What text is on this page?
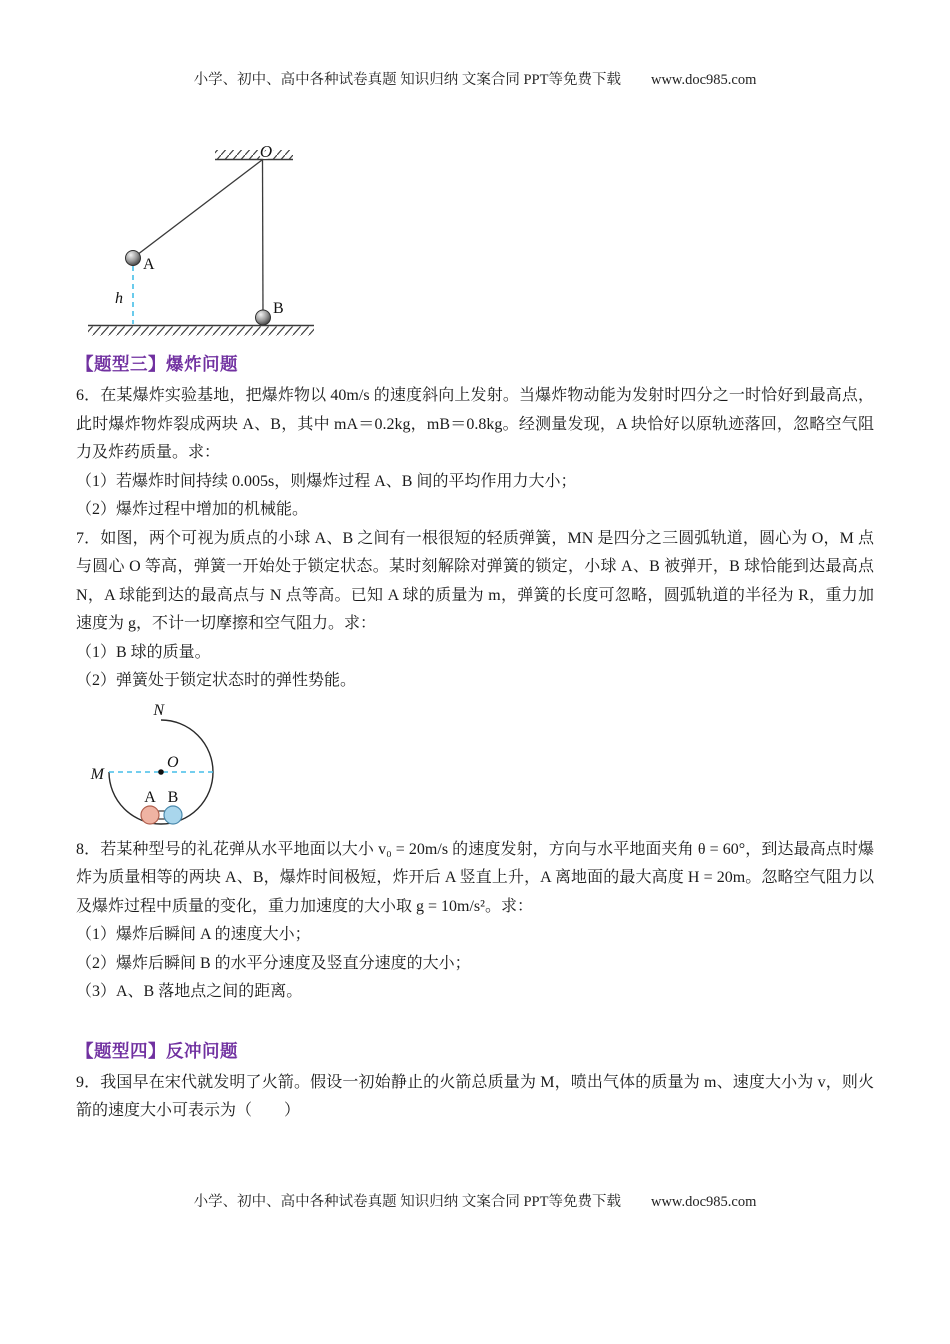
小学、初中、高中各种试卷真题 知识归纳 文案合同 PPT等免费下载 www.doc985.com
O
A
h
B
【题型三】爆炸问题

6．在某爆炸实验基地，把爆炸物以 40m/s 的速度斜向上发射。当爆炸物动能为发射时四分之一时恰好到最高点，此时爆炸物炸裂成两块 A、B，其中 mA＝0.2kg，mB＝0.8kg。经测量发现，A 块恰好以原轨迹落回，忽略空气阻力及炸药质量。求：

（1）若爆炸时间持续 0.005s，则爆炸过程 A、B 间的平均作用力大小；

（2）爆炸过程中增加的机械能。

7．如图，两个可视为质点的小球 A、B 之间有一根很短的轻质弹簧，MN 是四分之三圆弧轨道，圆心为 O，M 点与圆心 O 等高，弹簧一开始处于锁定状态。某时刻解除对弹簧的锁定，小球 A、B 被弹开，B 球恰能到达最高点 N，A 球能到达的最高点与 N 点等高。已知 A 球的质量为 m，弹簧的长度可忽略，圆弧轨道的半径为 R，重力加速度为 g，不计一切摩擦和空气阻力。求：

（1）B 球的质量。

（2）弹簧处于锁定状态时的弹性势能。

N
M
O
A B

8．若某种型号的礼花弹从水平地面以大小 v₀ = 20m/s 的速度发射，方向与水平地面夹角 θ = 60°，到达最高点时爆炸为质量相等的两块 A、B，爆炸时间极短，炸开后 A 竖直上升，A 离地面的最大高度 H = 20m。忽略空气阻力以及爆炸过程中质量的变化，重力加速度的大小取 g = 10m/s²。求：

（1）爆炸后瞬间 A 的速度大小；

（2）爆炸后瞬间 B 的水平分速度及竖直分速度的大小；

（3）A、B 落地点之间的距离。

【题型四】反冲问题

9．我国早在宋代就发明了火箭。假设一初始静止的火箭总质量为 M，喷出气体的质量为 m、速度大小为 v，则火箭的速度大小可表示为（　　）

小学、初中、高中各种试卷真题 知识归纳 文案合同 PPT等免费下载 www.doc985.com
